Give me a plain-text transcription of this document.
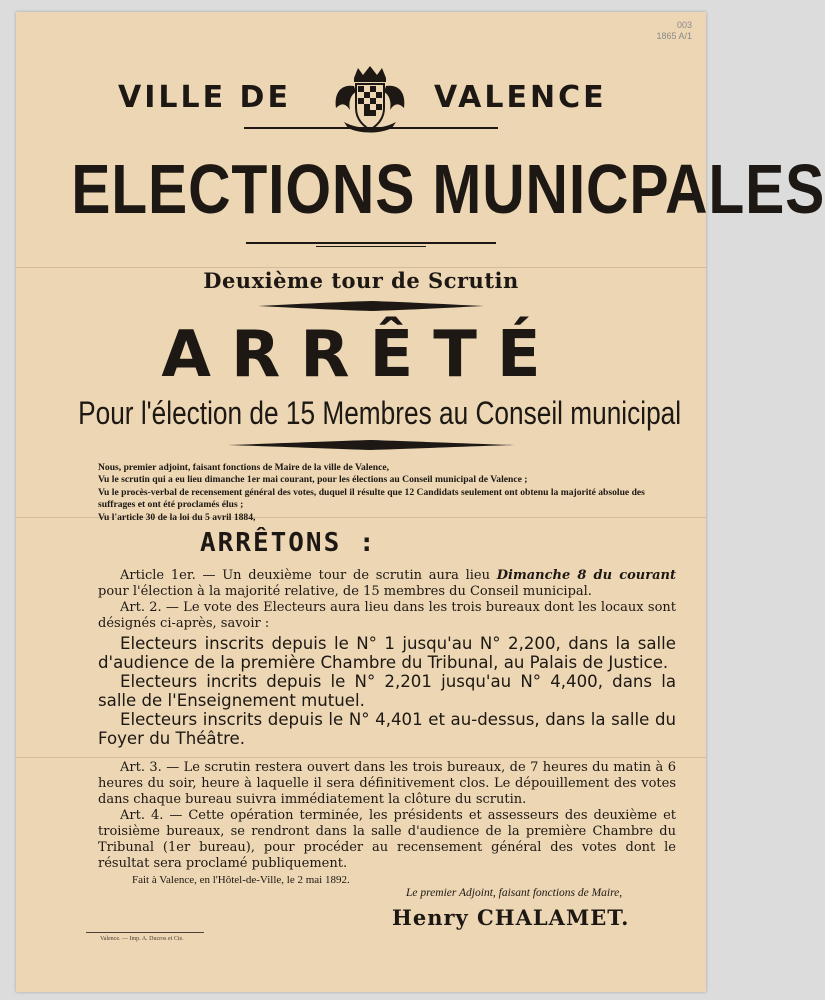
003
1865 A/1
VILLE DE	VALENCE
ELECTIONS MUNICPALES
Deuxième tour de Scrutin
ARRÊTÉ
Pour l'élection de 15 Membres au Conseil municipal

Nous, premier adjoint, faisant fonctions de Maire de la ville de Valence,

Vu le scrutin qui a eu lieu dimanche 1er mai courant, pour les élections au Conseil municipal de Valence ;

Vu le procès-verbal de recensement général des votes, duquel il résulte que 12 Candidats seulement ont obtenu la majorité absolue des suffrages et ont été proclamés élus ;

Vu l'article 30 de la loi du 5 avril 1884,

ARRÊTONS :

Article 1er. — Un deuxième tour de scrutin aura lieu Dimanche 8 du courant pour l'élection à la majorité relative, de 15 membres du Conseil municipal.

Art. 2. — Le vote des Electeurs aura lieu dans les trois bureaux dont les locaux sont désignés ci-après, savoir :

Electeurs inscrits depuis le N° 1 jusqu'au N° 2,200, dans la salle d'audience de la première Chambre du Tribunal, au Palais de Justice.

Electeurs incrits depuis le N° 2,201 jusqu'au N° 4,400, dans la salle de l'Enseignement mutuel.

Electeurs inscrits depuis le N° 4,401 et au-dessus, dans la salle du Foyer du Théâtre.

Art. 3. — Le scrutin restera ouvert dans les trois bureaux, de 7 heures du matin à 6 heures du soir, heure à laquelle il sera définitivement clos. Le dépouillement des votes dans chaque bureau suivra immédiatement la clôture du scrutin.

Art. 4. — Cette opération terminée, les présidents et assesseurs des deuxième et troisième bureaux, se rendront dans la salle d'audience de la première Chambre du Tribunal (1er bureau), pour procéder au recensement général des votes dont le résultat sera proclamé publiquement.

Fait à Valence, en l'Hôtel-de-Ville, le 2 mai 1892.
Le premier Adjoint, faisant fonctions de Maire,
Henry CHALAMET.
Valence. — Imp. A. Ducros et Cie.
